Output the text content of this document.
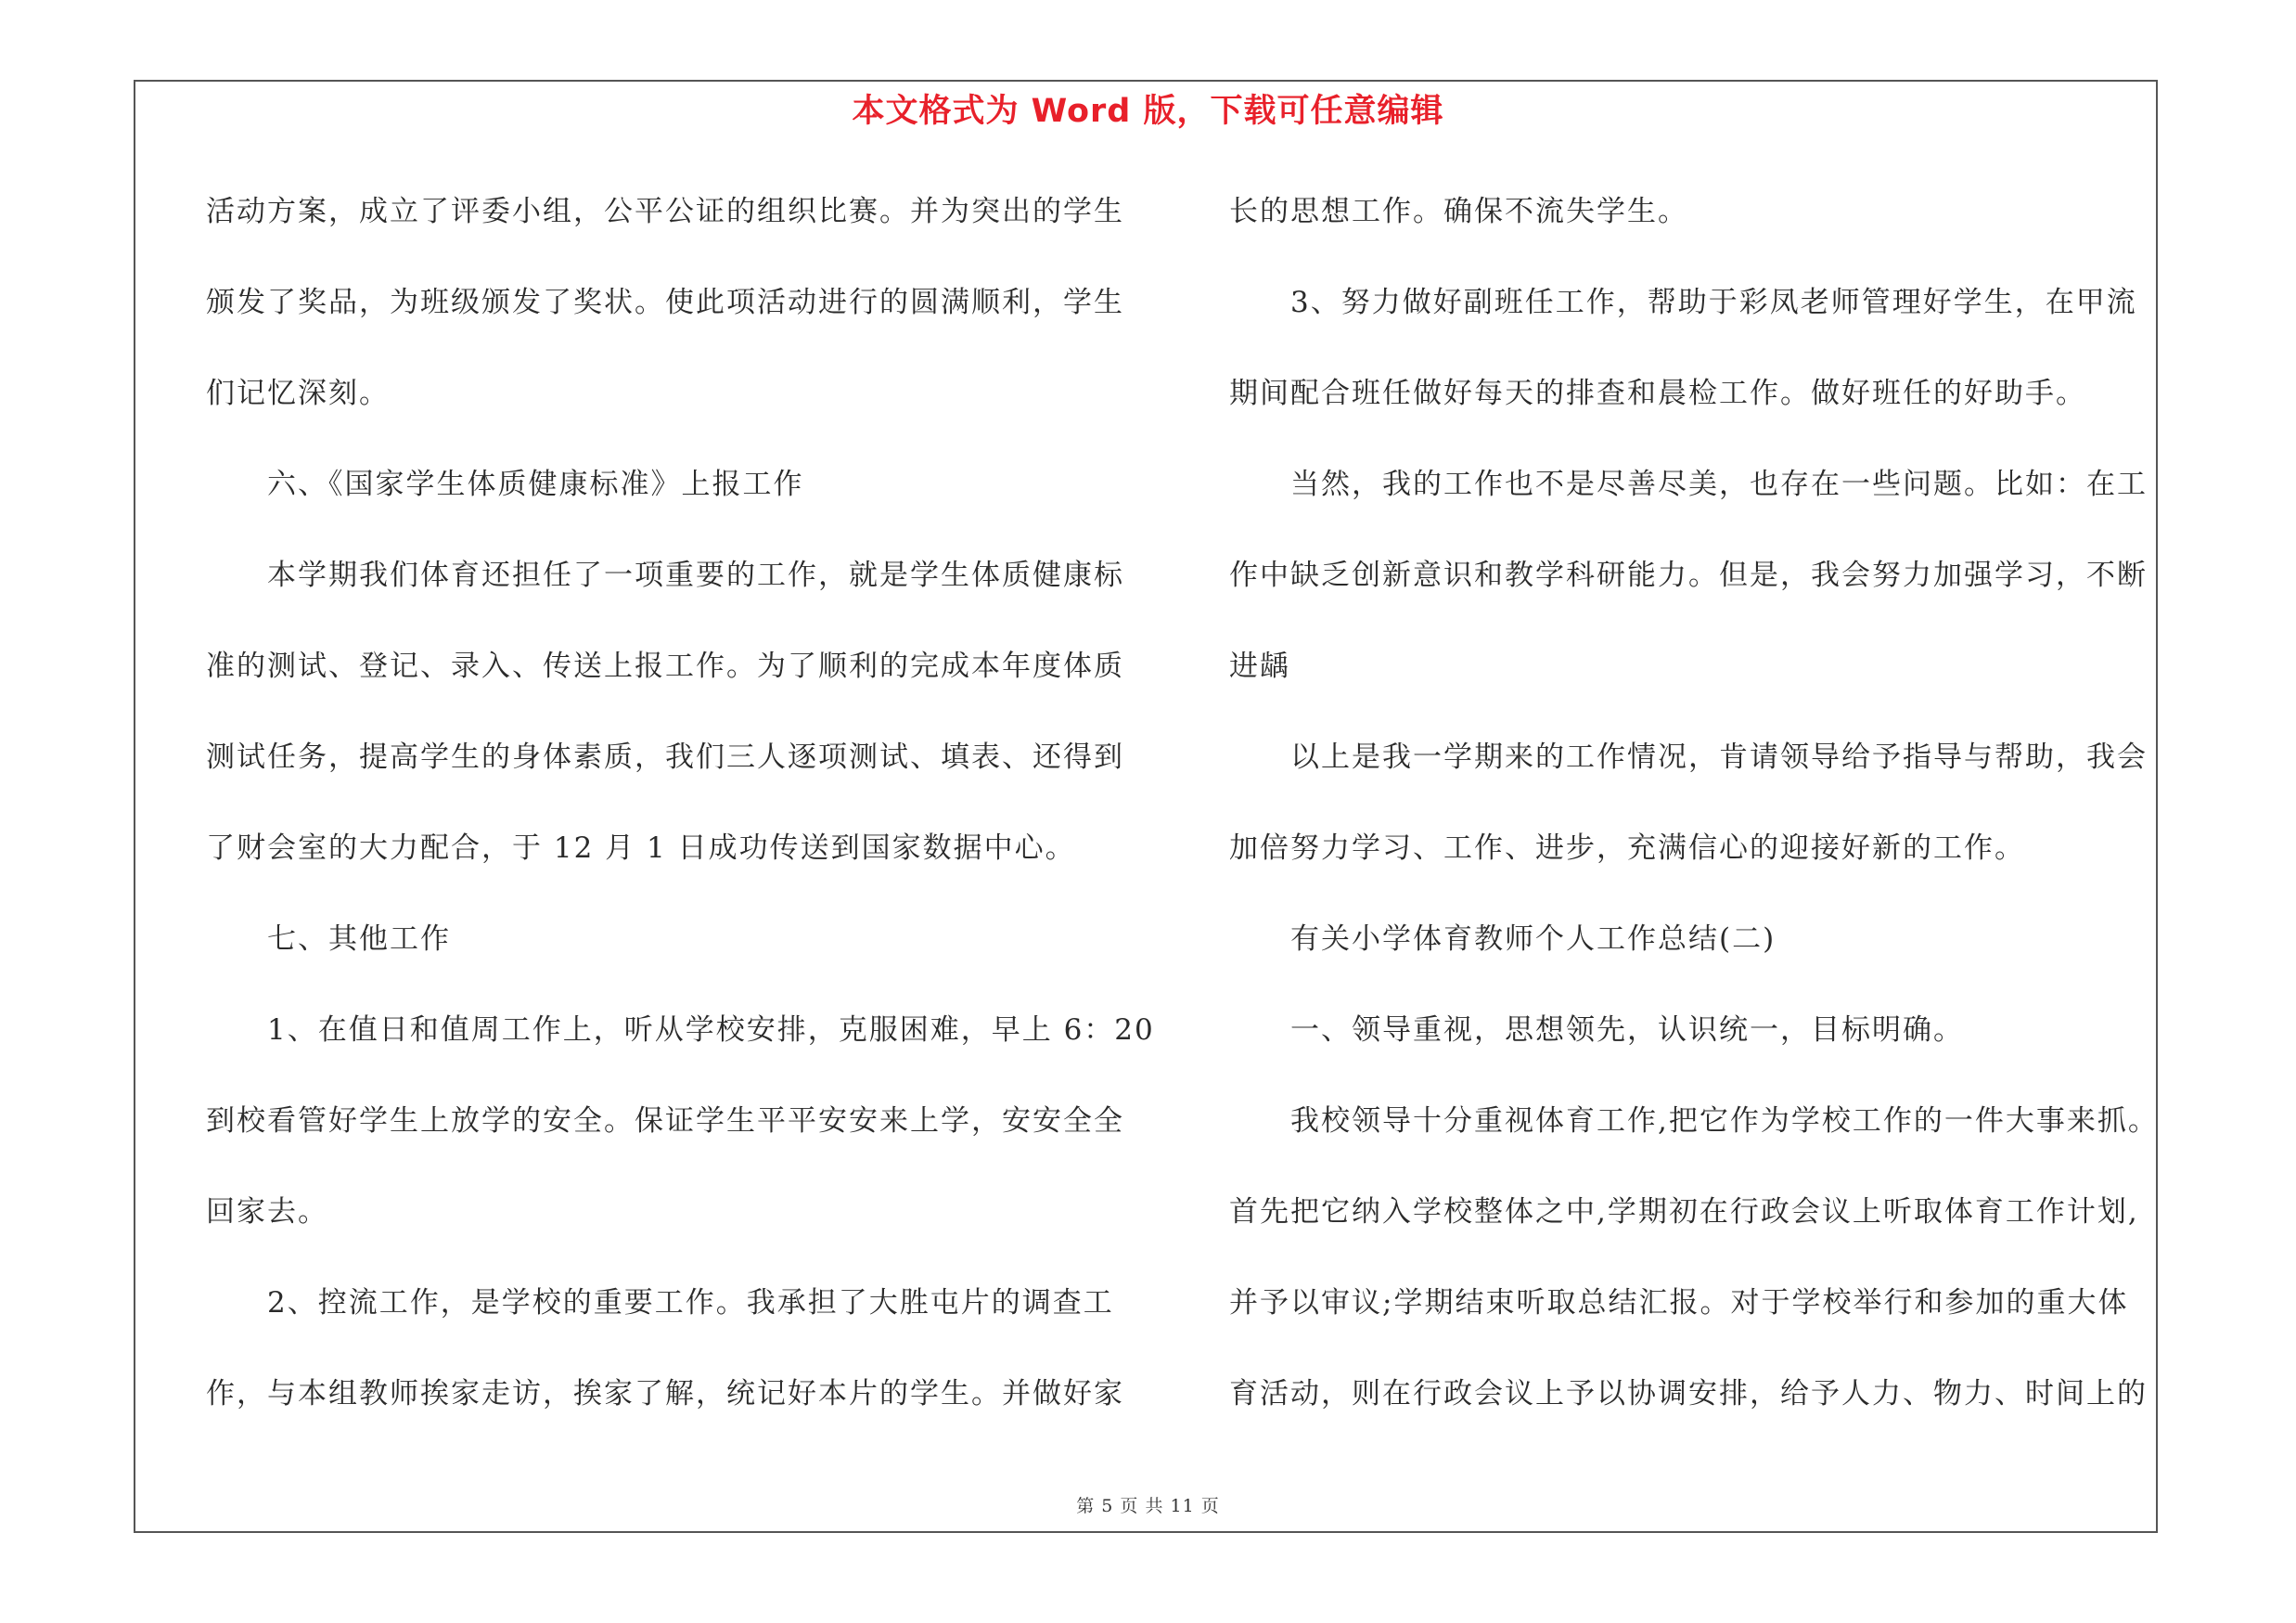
本文格式为 Word 版，下载可任意编辑
活动方案，成立了评委小组，公平公证的组织比赛。并为突出的学生
颁发了奖品，为班级颁发了奖状。使此项活动进行的圆满顺利，学生
们记忆深刻。
六、《国家学生体质健康标准》上报工作
本学期我们体育还担任了一项重要的工作，就是学生体质健康标
准的测试、登记、录入、传送上报工作。为了顺利的完成本年度体质
测试任务，提高学生的身体素质，我们三人逐项测试、填表、还得到
了财会室的大力配合，于 12 月 1 日成功传送到国家数据中心。
七、其他工作
1、在值日和值周工作上，听从学校安排，克服困难，早上 6：20
到校看管好学生上放学的安全。保证学生平平安安来上学，安安全全
回家去。
2、控流工作，是学校的重要工作。我承担了大胜屯片的调查工
作，与本组教师挨家走访，挨家了解，统记好本片的学生。并做好家
长的思想工作。确保不流失学生。
3、努力做好副班任工作，帮助于彩凤老师管理好学生，在甲流
期间配合班任做好每天的排查和晨检工作。做好班任的好助手。
当然，我的工作也不是尽善尽美，也存在一些问题。比如：在工
作中缺乏创新意识和教学科研能力。但是，我会努力加强学习，不断
进龋
以上是我一学期来的工作情况，肯请领导给予指导与帮助，我会
加倍努力学习、工作、进步，充满信心的迎接好新的工作。
有关小学体育教师个人工作总结(二)
一、领导重视，思想领先，认识统一，目标明确。
我校领导十分重视体育工作,把它作为学校工作的一件大事来抓。
首先把它纳入学校整体之中,学期初在行政会议上听取体育工作计划,
并予以审议;学期结束听取总结汇报。对于学校举行和参加的重大体
育活动，则在行政会议上予以协调安排，给予人力、物力、时间上的
第 5 页 共 11 页
